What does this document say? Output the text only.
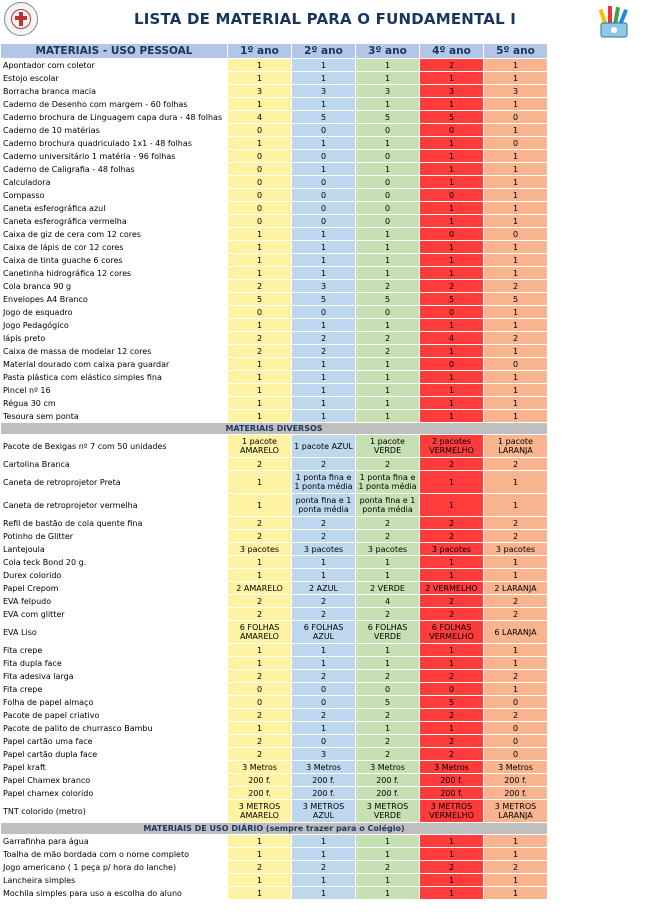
LISTA DE MATERIAL PARA O FUNDAMENTAL I
MATERIAIS - USO PESSOAL	1º ano	2º ano	3º ano	4º ano	5º ano
Apontador com coletor	1	1	1	2	1
Estojo escolar	1	1	1	1	1
Borracha branca macia	3	3	3	3	3
Caderno de Desenho com margem - 60 folhas	1	1	1	1	1
Caderno brochura de Linguagem capa dura - 48 folhas	4	5	5	5	0
Caderno de 10 matérias	0	0	0	0	1
Caderno brochura quadriculado 1x1 - 48 folhas	1	1	1	1	0
Caderno universitário 1 matéria - 96 folhas	0	0	0	1	1
Caderno de Caligrafia - 48 folhas	0	1	1	1	1
Calculadora	0	0	0	1	1
Compasso	0	0	0	0	1
Caneta esferográfica azul	0	0	0	1	1
Caneta esferográfica vermelha	0	0	0	1	1
Caixa de giz de cera com 12 cores	1	1	1	0	0
Caixa de lápis de cor 12 cores	1	1	1	1	1
Caixa de tinta guache 6 cores	1	1	1	1	1
Canetinha hidrográfica 12 cores	1	1	1	1	1
Cola branca 90 g	2	3	2	2	2
Envelopes A4 Branco	5	5	5	5	5
Jogo de esquadro	0	0	0	0	1
Jogo Pedagógico	1	1	1	1	1
lápis preto	2	2	2	4	2
Caixa de massa de modelar 12 cores	2	2	2	1	1
Material dourado com caixa para guardar	1	1	1	0	0
Pasta plástica com elástico simples fina	1	1	1	1	1
Pincel nº 16	1	1	1	1	1
Régua 30 cm	1	1	1	1	1
Tesoura sem ponta	1	1	1	1	1
MATERIAIS DIVERSOS					
Pacote de Bexigas nº 7 com 50 unidades	1 pacote AMARELO	1 pacote AZUL	1 pacote VERDE	2 pacotes VERMELHO	1 pacote LARANJA

Cartolina Branca	2	2	2	2	2
Caneta de retroprojetor Preta	1	1 ponta fina e 1 ponta média	1 ponta fina e 1 ponta média	1	1

Caneta de retroprojetor vermelha	1	ponta fina e 1 ponta média	ponta fina e 1 ponta média	1	1

Refil de bastão de cola quente fina	2	2	2	2	2
Potinho de Glitter	2	2	2	2	2
Lantejoula	3 pacotes	3 pacotes	3 pacotes	3 pacotes	3 pacotes
Cola teck Bond 20 g.	1	1	1	1	1
Durex colorido	1	1	1	1	1
Papel Crepom	2 AMARELO	2 AZUL	2 VERDE	2 VERMELHO	2 LARANJA
EVA felpudo	2	2	4	2	2
EVA com glitter	2	2	2	2	2
EVA Liso	6 FOLHAS AMARELO	6 FOLHAS AZUL	6 FOLHAS VERDE	6 FOLHAS VERMELHO	6 LARANJA

Fita crepe	1	1	1	1	1
Fita dupla face	1	1	1	1	1
Fita adesiva larga	2	2	2	2	2
Fita crepe	0	0	0	0	1
Folha de papel almaço	0	0	5	5	0
Pacote de papel criativo	2	2	2	2	2
Pacote de palito de churrasco Bambu	1	1	1	1	0
Papel cartão uma face	2	0	2	2	0
Papel cartão dupla face	2	3	2	2	0
Papel kraft	3 Metros	3 Metros	3 Metros	3 Metros	3 Metros
Papel Chamex branco	200 f.	200 f.	200 f.	200 f.	200 f.
Papel chamex colorido	200 f.	200 f.	200 f.	200 f.	200 f.
TNT colorido (metro)	3 METROS AMARELO	3 METROS AZUL	3 METROS VERDE	3 METROS VERMELHO	3 METROS LARANJA

MATERIAIS DE USO DIÁRIO (sempre trazer para o Colégio)					
Garrafinha para água	1	1	1	1	1
Toalha de mão bordada com o nome completo	1	1	1	1	1
Jogo americano ( 1 peça p/ hora do lanche)	2	2	2	2	2
Lancheira simples	1	1	1	1	1
Mochila simples para uso a escolha do aluno	1	1	1	1	1
